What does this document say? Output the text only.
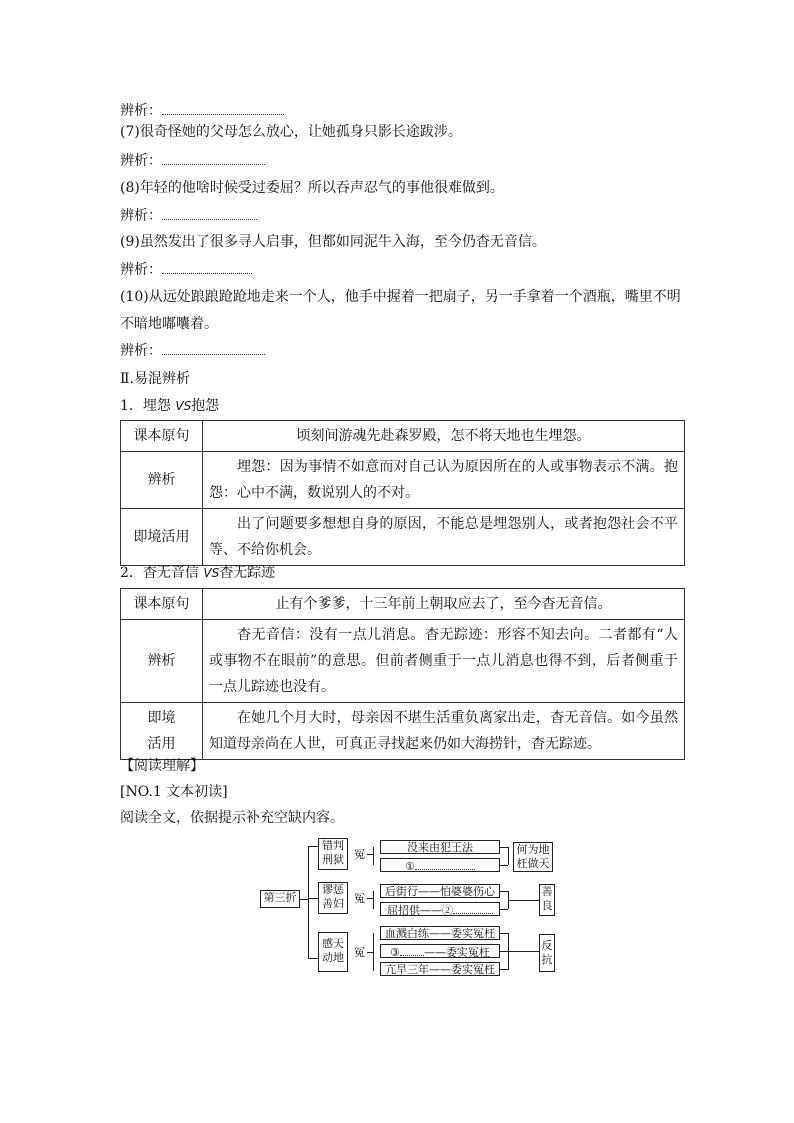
辨析：
(7)很奇怪她的父母怎么放心，让她孤身只影长途跋涉。
辨析：
(8)年轻的他啥时候受过委屈？所以吞声忍气的事他很难做到。
辨析：
(9)虽然发出了很多寻人启事，但都如同泥牛入海，至今仍杳无音信。
辨析：
(10)从远处踉踉跄跄地走来一个人，他手中握着一把扇子，另一手拿着一个酒瓶，嘴里不明
不暗地嘟囔着。
辨析：
Ⅱ.易混辨析
1．埋怨 VS抱怨
课本原句	顷刻间游魂先赴森罗殿，怎不将天地也生埋怨。
辨析	埋怨：因为事情不如意而对自己认为原因所在的人或事物表示不满。抱怨：心中不满，数说别人的不对。
即境活用	出了问题要多想想自身的原因，不能总是埋怨别人，或者抱怨社会不平等、不给你机会。
2．杳无音信 VS杳无踪迹
课本原句	止有个爹爹，十三年前上朝取应去了，至今杳无音信。
辨析	杳无音信：没有一点儿消息。杳无踪迹：形容不知去向。二者都有“人或事物不在眼前”的意思。但前者侧重于一点儿消息也得不到，后者侧重于一点儿踪迹也没有。

即境
活用	在她几个月大时，母亲因不堪生活重负离家出走，杳无音信。如今虽然知道母亲尚在人世，可真正寻找起来仍如大海捞针，杳无踪迹。
【阅读理解】
[NO.1 文本初读]
阅读全文，依据提示补充空缺内容。
第三折
错判
刑狱 冤
没来由犯王法
①
何为地
枉做天
谬惩
善妇 冤
后街行——怕婆婆伤心
屈招供——②
善
良
感天
动地 冤
血溅白练——委实冤枉
③ ——委实冤枉
亢旱三年——委实冤枉
反
抗
